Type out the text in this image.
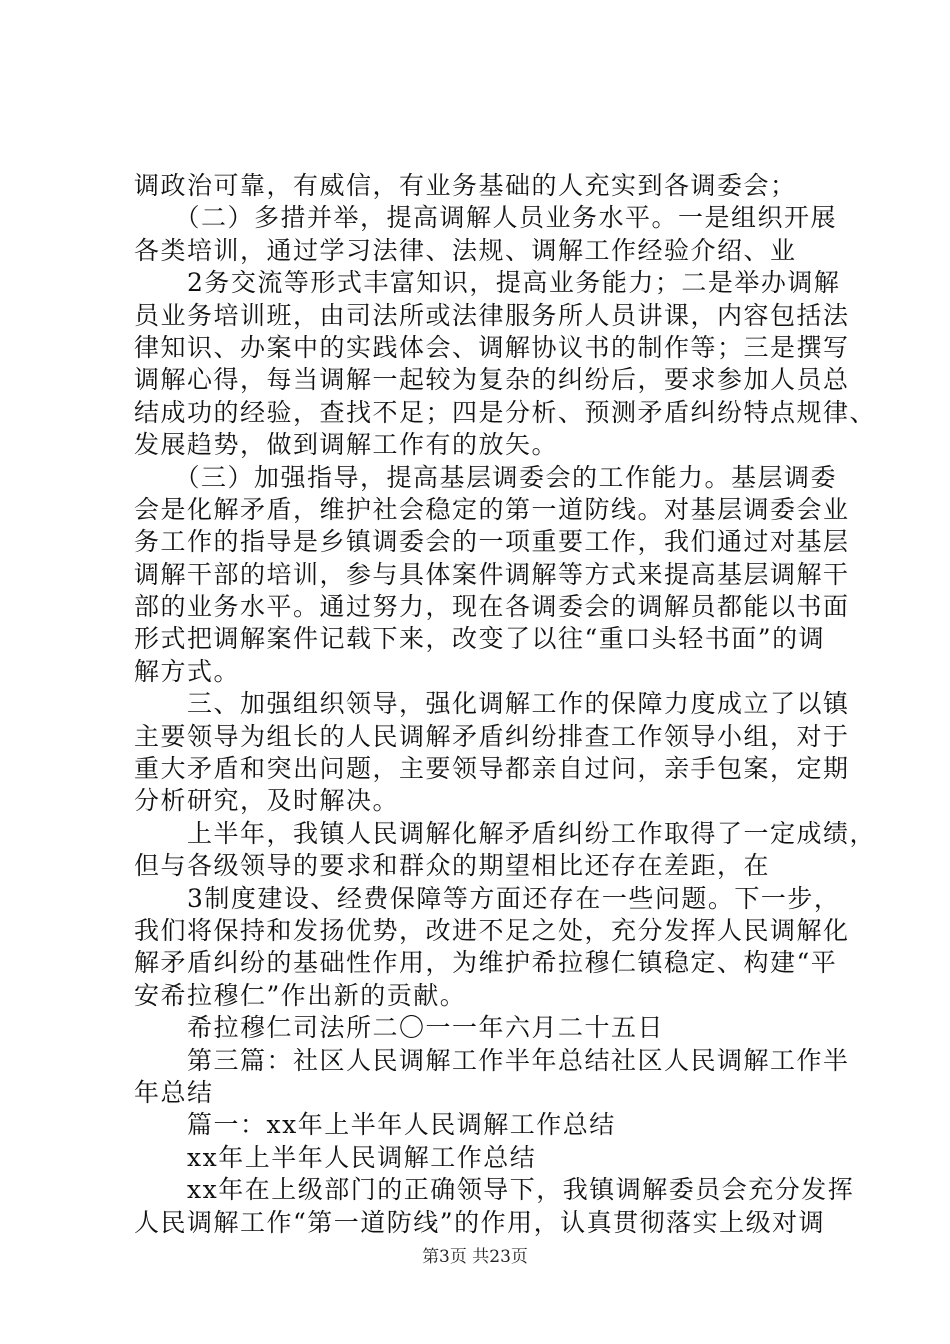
调政治可靠，有威信，有业务基础的人充实到各调委会；
　　（二）多措并举，提高调解人员业务水平。一是组织开展
各类培训，通过学习法律、法规、调解工作经验介绍、业
　　2务交流等形式丰富知识，提高业务能力；二是举办调解
员业务培训班，由司法所或法律服务所人员讲课，内容包括法
律知识、办案中的实践体会、调解协议书的制作等；三是撰写
调解心得，每当调解一起较为复杂的纠纷后，要求参加人员总
结成功的经验，查找不足；四是分析、预测矛盾纠纷特点规律、
发展趋势，做到调解工作有的放矢。
　　（三）加强指导，提高基层调委会的工作能力。基层调委
会是化解矛盾，维护社会稳定的第一道防线。对基层调委会业
务工作的指导是乡镇调委会的一项重要工作，我们通过对基层
调解干部的培训，参与具体案件调解等方式来提高基层调解干
部的业务水平。通过努力，现在各调委会的调解员都能以书面
形式把调解案件记载下来，改变了以往“重口头轻书面”的调
解方式。
　　三、加强组织领导，强化调解工作的保障力度成立了以镇
主要领导为组长的人民调解矛盾纠纷排查工作领导小组，对于
重大矛盾和突出问题，主要领导都亲自过问，亲手包案，定期
分析研究，及时解决。
　　上半年，我镇人民调解化解矛盾纠纷工作取得了一定成绩，
但与各级领导的要求和群众的期望相比还存在差距，在
　　3制度建设、经费保障等方面还存在一些问题。下一步，
我们将保持和发扬优势，改进不足之处，充分发挥人民调解化
解矛盾纠纷的基础性作用，为维护希拉穆仁镇稳定、构建“平
安希拉穆仁”作出新的贡献。
　　希拉穆仁司法所二〇一一年六月二十五日
　　第三篇：社区人民调解工作半年总结社区人民调解工作半
年总结
　　篇一：xx年上半年人民调解工作总结
　　xx年上半年人民调解工作总结
　　xx年在上级部门的正确领导下，我镇调解委员会充分发挥
人民调解工作“第一道防线”的作用，认真贯彻落实上级对调
第3页 共23页
